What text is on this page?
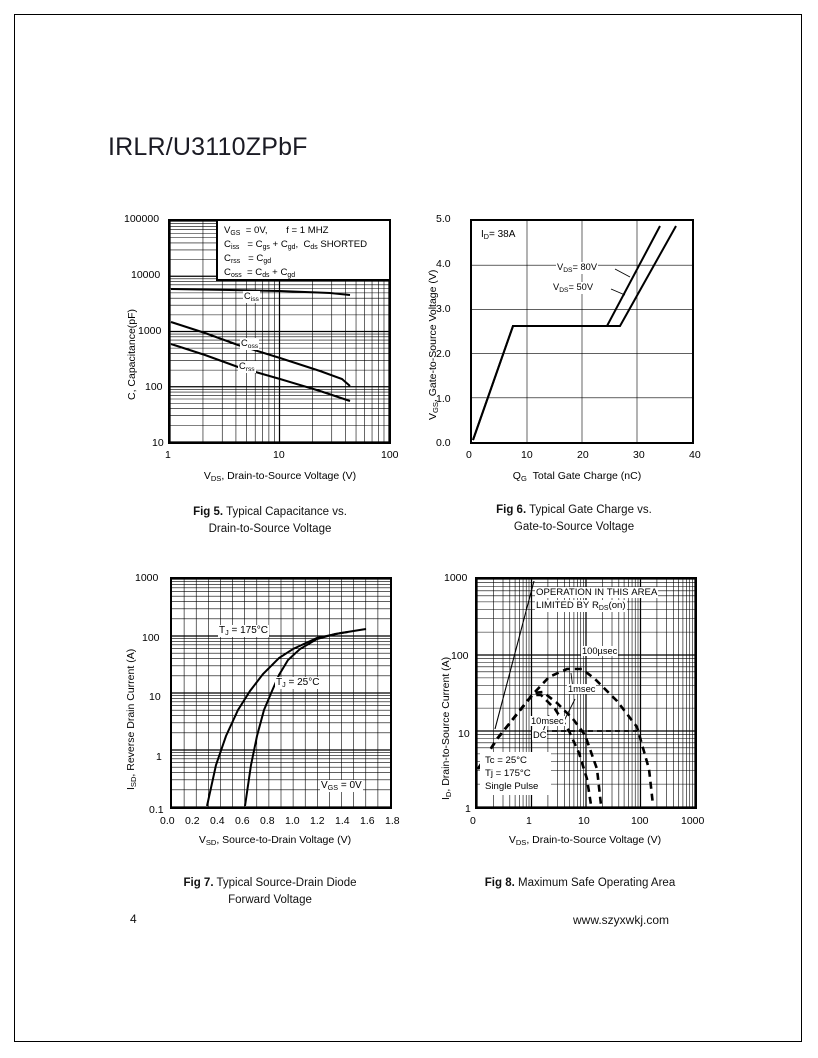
IRLR/U3110ZPbF
C, Capacitance(pF)
100000
10000
1000
100
10
1	10	100
$V_{DS}$, Drain-to-Source Voltage (V)
$V_{GS} = 0V$,       f = 1 MHZ
$C_{iss} = C_{gs} + C_{gd}$,  $C_{ds}$ SHORTED
$C_{rss} = C_{gd}$
$C_{oss} = C_{ds} + C_{gd}$
$C_{iss}$
$C_{oss}$
$C_{rss}$
Fig 5. Typical Capacitance vs.
Drain-to-Source Voltage
$V_{GS}$, Gate-to-Source Voltage (V)
5.0
4.0
3.0
2.0
1.0
0.0
0	10	20	30	40
$Q_G$  Total Gate Charge (nC)
$I_D= 38A$
$V_{DS}= 80V$
$V_{DS}= 50V$
Fig 6. Typical Gate Charge vs.
Gate-to-Source Voltage
$I_{SD}$, Reverse Drain Current (A)
1000
100
10
1
0.1
0.0 0.2 0.4 0.6 0.8 1.0 1.2 1.4 1.6 1.8
$V_{SD}$, Source-to-Drain Voltage (V)
$T_J = 175^\circ C$
$T_J = 25^\circ C$
$V_{GS} = 0V$
Fig 7. Typical Source-Drain Diode
Forward Voltage
$I_D$, Drain-to-Source Current (A)
1000
100
10
1
0	1	10	100	1000
$V_{DS}$, Drain-to-Source Voltage (V)
OPERATION IN THIS AREA
LIMITED BY $R_{DS}(on)$
100µsec
1msec
10msec
DC
Tc = 25°C
Tj = 175°C
Single Pulse
Fig 8. Maximum Safe Operating Area
4	www.szyxwkj.com
